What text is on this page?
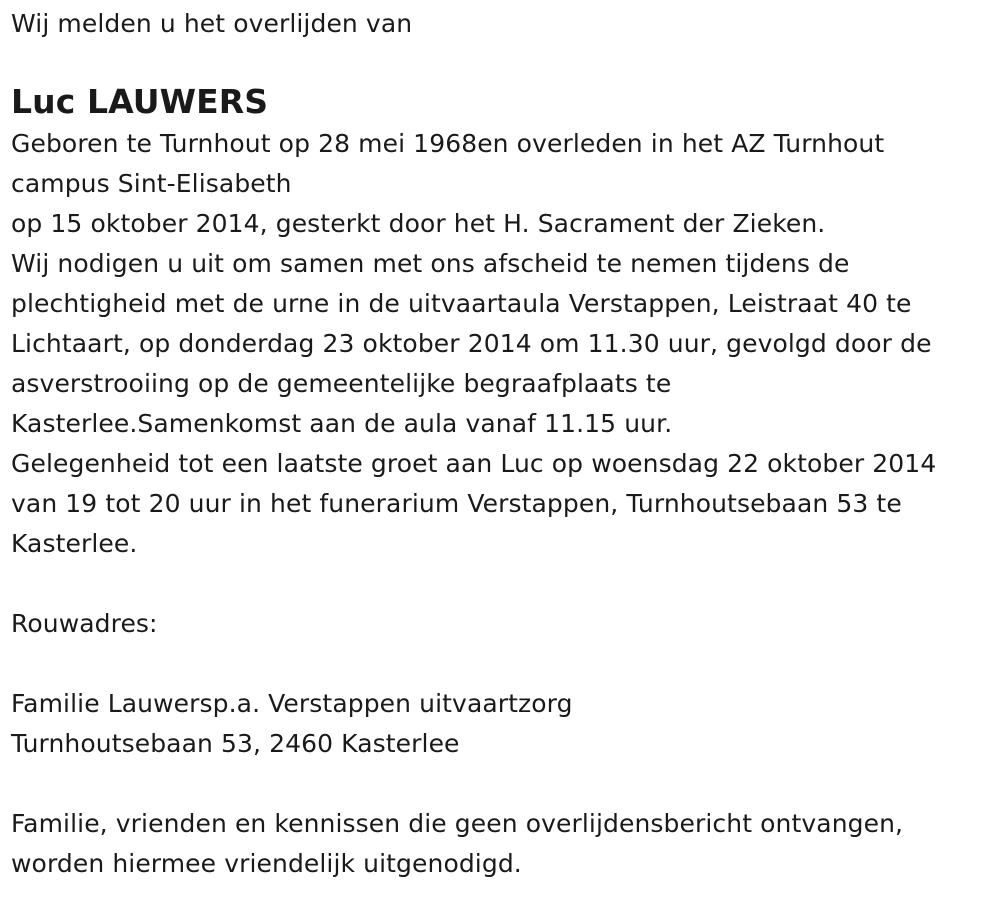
Wij melden u het overlijden van
Luc LAUWERS
Geboren te Turnhout op 28 mei 1968en overleden in het AZ Turnhout
campus Sint-Elisabeth
op 15 oktober 2014, gesterkt door het H. Sacrament der Zieken.
Wij nodigen u uit om samen met ons afscheid te nemen tijdens de
plechtigheid met de urne in de uitvaartaula Verstappen, Leistraat 40 te
Lichtaart, op donderdag 23 oktober 2014 om 11.30 uur, gevolgd door de
asverstrooiing op de gemeentelijke begraafplaats te
Kasterlee.Samenkomst aan de aula vanaf 11.15 uur.
Gelegenheid tot een laatste groet aan Luc op woensdag 22 oktober 2014
van 19 tot 20 uur in het funerarium Verstappen, Turnhoutsebaan 53 te
Kasterlee.
Rouwadres:
Familie Lauwersp.a. Verstappen uitvaartzorg
Turnhoutsebaan 53, 2460 Kasterlee
Familie, vrienden en kennissen die geen overlijdensbericht ontvangen,
worden hiermee vriendelijk uitgenodigd.
